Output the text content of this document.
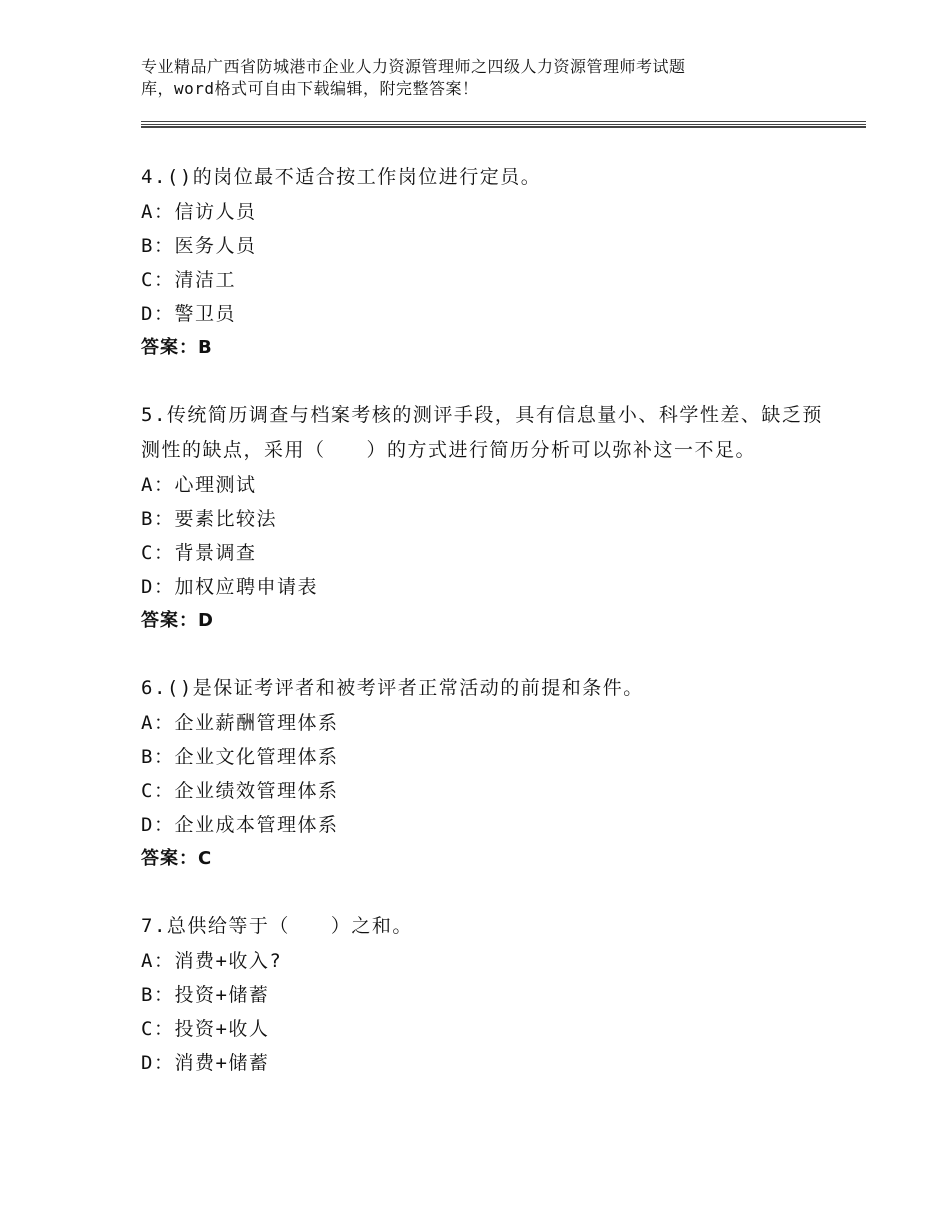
专业精品广西省防城港市企业人力资源管理师之四级人力资源管理师考试题
库，word格式可自由下载编辑，附完整答案！
4.()的岗位最不适合按工作岗位进行定员。
A：信访人员
B：医务人员
C：清洁工
D：警卫员
答案：B
5.传统简历调查与档案考核的测评手段，具有信息量小、科学性差、缺乏预测性的缺点，采用（　　）的方式进行简历分析可以弥补这一不足。
A：心理测试
B：要素比较法
C：背景调查
D：加权应聘申请表
答案：D
6.()是保证考评者和被考评者正常活动的前提和条件。
A：企业薪酬管理体系
B：企业文化管理体系
C：企业绩效管理体系
D：企业成本管理体系
答案：C
7.总供给等于（　　）之和。
A：消费+收入?
B：投资+储蓄
C：投资+收人
D：消费+储蓄
